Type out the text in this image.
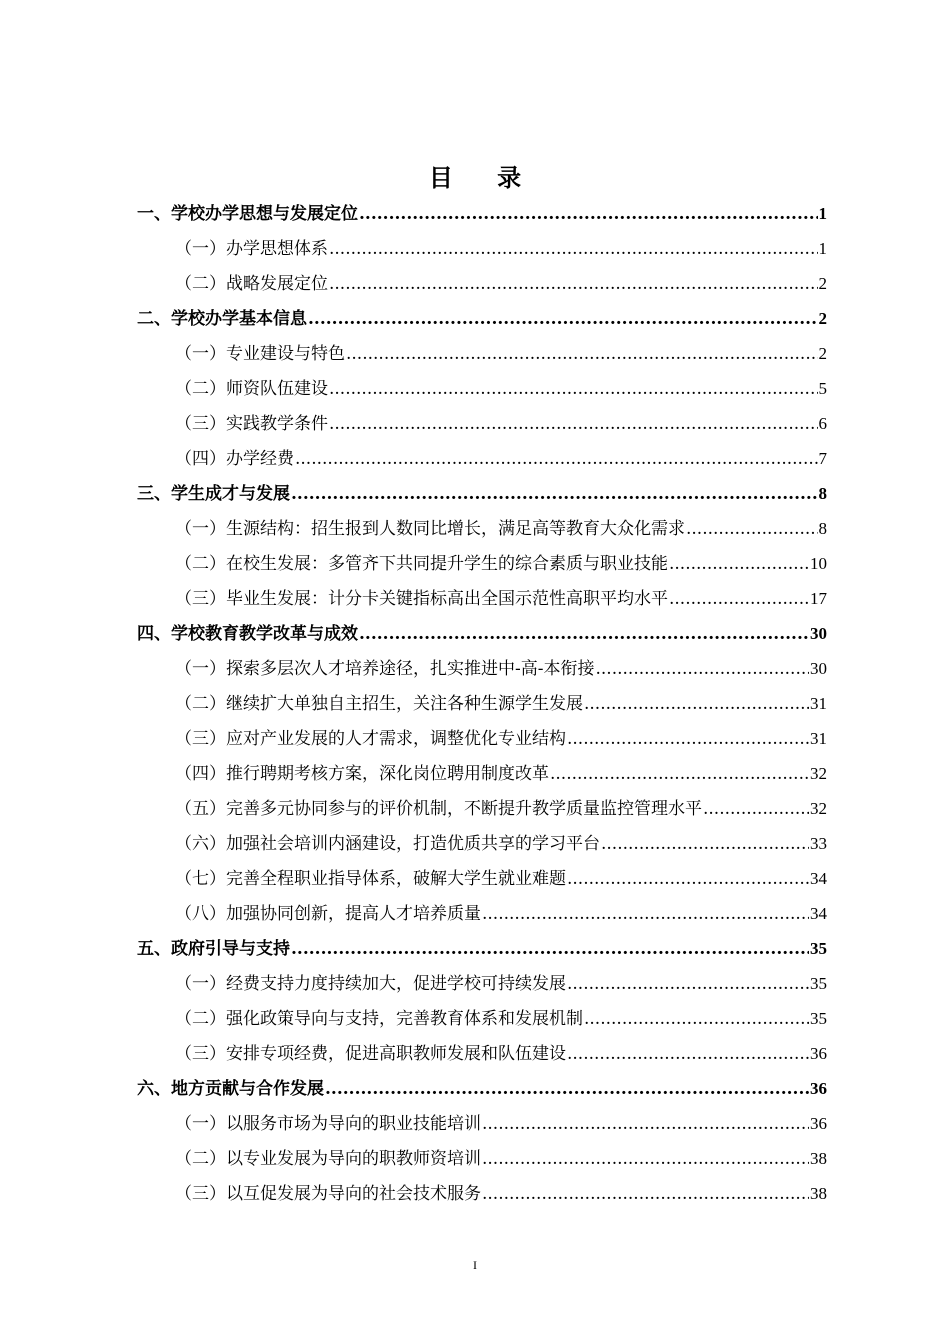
目 录
一、学校办学思想与发展定位 .....	1
（一）办学思想体系 .....	1
（二）战略发展定位 .....	2
二、学校办学基本信息 .....	2
（一）专业建设与特色 .....	2
（二）师资队伍建设 .....	5
（三）实践教学条件 .....	6
（四）办学经费 .....	7
三、学生成才与发展 .....	8
（一）生源结构：招生报到人数同比增长，满足高等教育大众化需求 .....	8
（二）在校生发展：多管齐下共同提升学生的综合素质与职业技能 .....	10
（三）毕业生发展：计分卡关键指标高出全国示范性高职平均水平 .....	17
四、学校教育教学改革与成效 .....	30
（一）探索多层次人才培养途径，扎实推进中-高-本衔接 .....	30
（二）继续扩大单独自主招生，关注各种生源学生发展 .....	31
（三）应对产业发展的人才需求，调整优化专业结构 .....	31
（四）推行聘期考核方案，深化岗位聘用制度改革 .....	32
（五）完善多元协同参与的评价机制，不断提升教学质量监控管理水平 .....	32
（六）加强社会培训内涵建设，打造优质共享的学习平台 .....	33
（七）完善全程职业指导体系，破解大学生就业难题 .....	34
（八）加强协同创新，提高人才培养质量 .....	34
五、政府引导与支持 .....	35
（一）经费支持力度持续加大，促进学校可持续发展 .....	35
（二）强化政策导向与支持，完善教育体系和发展机制 .....	35
（三）安排专项经费，促进高职教师发展和队伍建设 .....	36
六、地方贡献与合作发展 .....	36
（一）以服务市场为导向的职业技能培训 .....	36
（二）以专业发展为导向的职教师资培训 .....	38
（三）以互促发展为导向的社会技术服务 .....	38
I
